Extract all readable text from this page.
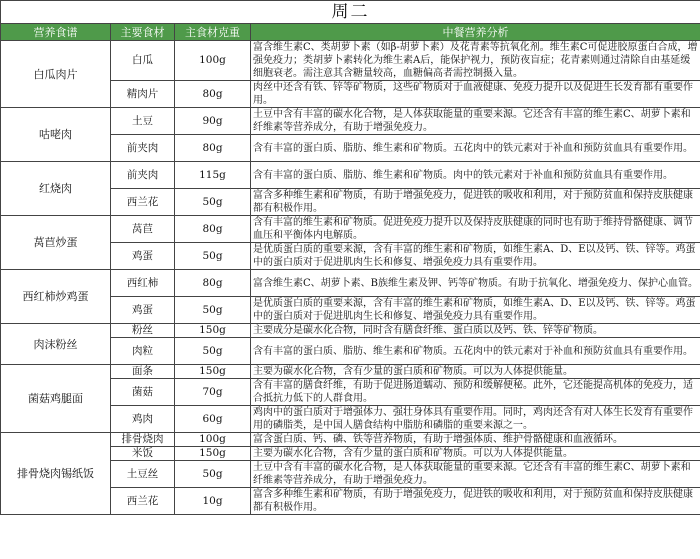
周二			
营养食谱	主要食材	主食材克重	中餐营养分析
白瓜肉片	白瓜	100g	富含维生素C、类胡萝卜素（如β-胡萝卜素）及花青素等抗氧化剂。维生素C可促进胶原蛋白合成，增强免疫力；类胡萝卜素转化为维生素A后，能保护视力，预防夜盲症；花青素则通过清除自由基延缓细胞衰老。需注意其含糖量较高，血糖偏高者需控制摄入量。
	精肉片	80g	肉丝中还含有铁、锌等矿物质，这些矿物质对于血液健康、免疫力提升以及促进生长发育都有重要作用。
咕咾肉	土豆	90g	土豆中含有丰富的碳水化合物，是人体获取能量的重要来源。它还含有丰富的维生素C、胡萝卜素和纤维素等营养成分，有助于增强免疫力。
	前夹肉	80g	含有丰富的蛋白质、脂肪、维生素和矿物质。五花肉中的铁元素对于补血和预防贫血具有重要作用。
红烧肉	前夹肉	115g	含有丰富的蛋白质、脂肪、维生素和矿物质。肉中的铁元素对于补血和预防贫血具有重要作用。
	西兰花	50g	富含多种维生素和矿物质，有助于增强免疫力，促进铁的吸收和利用，对于预防贫血和保持皮肤健康都有积极作用。
莴苣炒蛋	莴苣	80g	含有丰富的维生素和矿物质。促进免疫力提升以及保持皮肤健康的同时也有助于维持骨骼健康、调节血压和平衡体内电解质。
	鸡蛋	50g	是优质蛋白质的重要来源，含有丰富的维生素和矿物质，如维生素A、D、E以及钙、铁、锌等。鸡蛋中的蛋白质对于促进肌肉生长和修复、增强免疫力具有重要作用。
西红柿炒鸡蛋	西红柿	80g	富含维生素C、胡萝卜素、B族维生素及钾、钙等矿物质。有助于抗氧化、增强免疫力、保护心血管。
	鸡蛋	50g	是优质蛋白质的重要来源，含有丰富的维生素和矿物质，如维生素A、D、E以及钙、铁、锌等。鸡蛋中的蛋白质对于促进肌肉生长和修复、增强免疫力具有重要作用。
肉沫粉丝	粉丝	150g	主要成分是碳水化合物，同时含有膳食纤维、蛋白质以及钙、铁、锌等矿物质。
	肉粒	50g	含有丰富的蛋白质、脂肪、维生素和矿物质。五花肉中的铁元素对于补血和预防贫血具有重要作用。
菌菇鸡腿面	面条	150g	主要为碳水化合物，含有少量的蛋白质和矿物质。可以为人体提供能量。
	菌菇	70g	含有丰富的膳食纤维，有助于促进肠道蠕动、预防和缓解便秘。此外，它还能提高机体的免疫力，适合抵抗力低下的人群食用。
	鸡肉	60g	鸡肉中的蛋白质对于增强体力、强壮身体具有重要作用。同时，鸡肉还含有对人体生长发育有重要作用的磷脂类，是中国人膳食结构中脂肪和磷脂的重要来源之一。
排骨烧肉锡纸饭	排骨烧肉	100g	富含蛋白质、钙、磷、铁等营养物质，有助于增强体质、维护骨骼健康和血液循环。
	米饭	150g	主要为碳水化合物，含有少量的蛋白质和矿物质。可以为人体提供能量。
	土豆丝	50g	土豆中含有丰富的碳水化合物，是人体获取能量的重要来源。它还含有丰富的维生素C、胡萝卜素和纤维素等营养成分，有助于增强免疫力。
	西兰花	10g	富含多种维生素和矿物质，有助于增强免疫力，促进铁的吸收和利用，对于预防贫血和保持皮肤健康都有积极作用。
